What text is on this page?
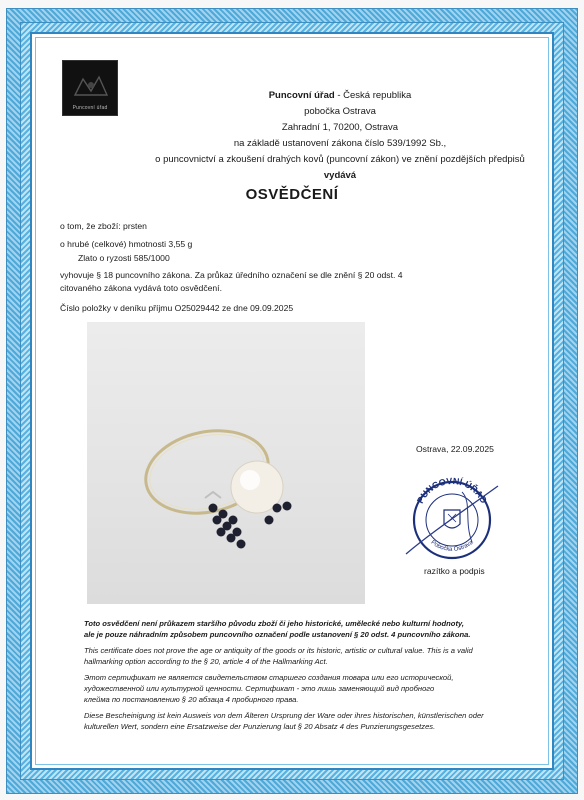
Puncovní úřad
Puncovní úřad - Česká republika
pobočka Ostrava
Zahradní 1, 70200, Ostrava
na základě ustanovení zákona číslo 539/1992 Sb.,
o puncovnictví a zkoušení drahých kovů (puncovní zákon) ve znění pozdějších předpisů
vydává
OSVĚDČENÍ
o tom, že zboží: prsten
o hrubé (celkové) hmotnosti 3,55 g
Zlato o ryzosti 585/1000
vyhovuje § 18 puncovního zákona. Za průkaz úředního označení se dle znění § 20 odst. 4
citovaného zákona vydává toto osvědčení.
Číslo položky v deníku příjmu O25029442 ze dne 09.09.2025
Ostrava, 22.09.2025
PUNCOVNÍ ÚŘAD
Pobočka Ostrava
razítko a podpis
Toto osvědčení není průkazem staršího původu zboží či jeho historické, umělecké nebo kulturní hodnoty,
ale je pouze náhradním způsobem puncovního označení podle ustanovení § 20 odst. 4 puncovního zákona.
This certificate does not prove the age or antiquity of the goods or its historic, artistic or cultural value. This is a valid
hallmarking option according to the § 20, article 4 of the Hallmarking Act.
Этот сертификат не является свидетельством старшего создания товара или его исторической,
художественной или культурной ценности. Сертификат - это лишь заменяющий вид пробного
клейма по постановлению § 20 абзаца 4 пробирного права.
Diese Bescheinigung ist kein Ausweis von dem Älteren Ursprung der Ware oder ihres historischen, künstlerischen oder
kulturellen Wert, sondern eine Ersatzweise der Punzierung laut § 20 Absatz 4 des Punzierungsgesetzes.
